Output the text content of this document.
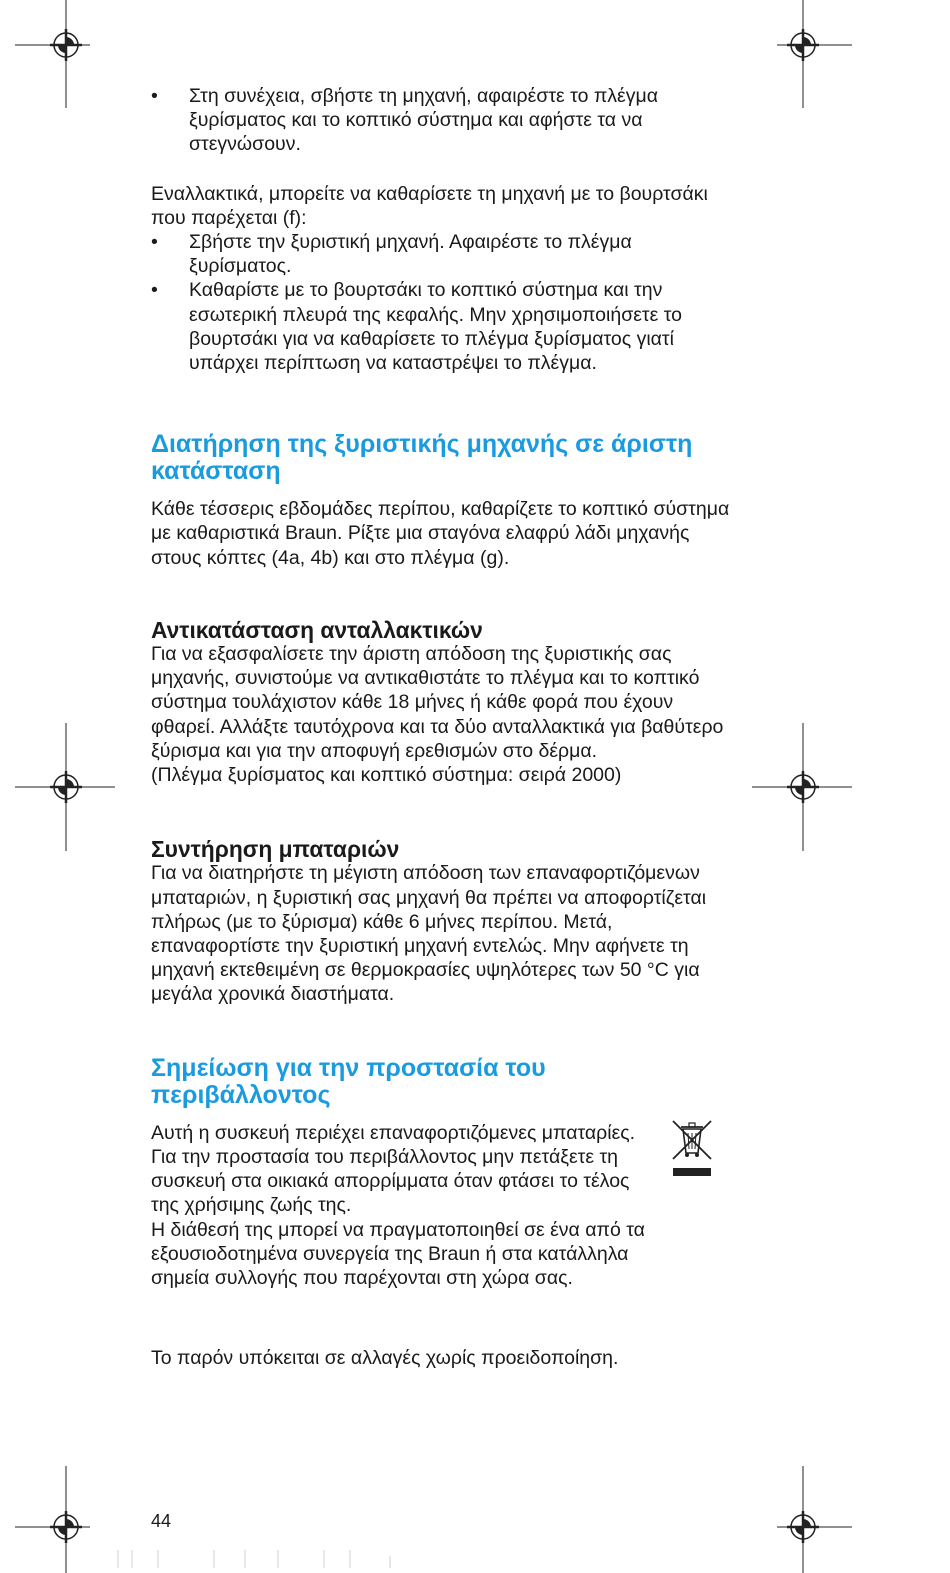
•	Στη συνέχεια, σβήστε τη μηχανή, αφαιρέστε το πλέγμα ξυρίσματος και το κοπτικό σύστημα και αφήστε τα να στεγνώσουν.

Εναλλακτικά, μπορείτε να καθαρίσετε τη μηχανή με το βουρτσάκι που παρέχεται (f):

•	Σβήστε την ξυριστική μηχανή. Αφαιρέστε το πλέγμα ξυρίσματος.
•	Καθαρίστε με το βουρτσάκι το κοπτικό σύστημα και την εσωτερική πλευρά της κεφαλής. Μην χρησιμοποιήσετε το βουρτσάκι για να καθαρίσετε το πλέγμα ξυρίσματος γιατί υπάρχει περίπτωση να καταστρέψει το πλέγμα.
Διατήρηση της ξυριστικής μηχανής σε άριστη κατάσταση

Κάθε τέσσερις εβδομάδες περίπου, καθαρίζετε το κοπτικό σύστημα με καθαριστικά Braun. Ρίξτε μια σταγόνα ελαφρύ λάδι μηχανής στους κόπτες (4a, 4b) και στο πλέγμα (g).

Αντικατάσταση ανταλλακτικών

Για να εξασφαλίσετε την άριστη απόδοση της ξυριστικής σας μηχανής, συνιστούμε να αντικαθιστάτε το πλέγμα και το κοπτικό σύστημα τουλάχιστον κάθε 18 μήνες ή κάθε φορά που έχουν φθαρεί. Αλλάξτε ταυτόχρονα και τα δύο ανταλλακτικά για βαθύτερο ξύρισμα και για την αποφυγή ερεθισμών στο δέρμα.

(Πλέγμα ξυρίσματος και κοπτικό σύστημα: σειρά 2000)

Συντήρηση μπαταριών

Για να διατηρήστε τη μέγιστη απόδοση των επαναφορτιζόμενων μπαταριών, η ξυριστική σας μηχανή θα πρέπει να αποφορτίζεται πλήρως (με το ξύρισμα) κάθε 6 μήνες περίπου. Μετά, επαναφορτίστε την ξυριστική μηχανή εντελώς. Μην αφήνετε τη μηχανή εκτεθειμένη σε θερμοκρασίες υψηλότερες των 50 °C για μεγάλα χρονικά διαστήματα.

Σημείωση για την προστασία του περιβάλλοντος

Αυτή η συσκευή περιέχει επαναφορτιζόμενες μπαταρίες. Για την προστασία του περιβάλλοντος μην πετάξετε τη συσκευή στα οικιακά απορρίμματα όταν φτάσει το τέλος της χρήσιμης ζωής της.

Η διάθεσή της μπορεί να πραγματοποιηθεί σε ένα από τα εξουσιοδοτημένα συνεργεία της Braun ή στα κατάλληλα σημεία συλλογής που παρέχονται στη χώρα σας.

Το παρόν υπόκειται σε αλλαγές χωρίς προειδοποίηση.

44
